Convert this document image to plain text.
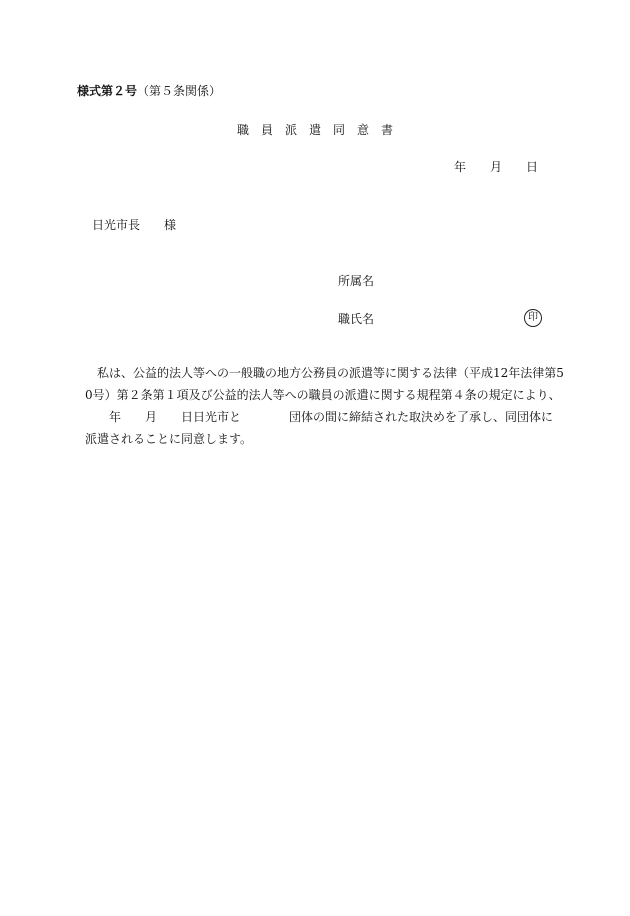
様式第２号（第５条関係）
職　員　派　遣　同　意　書
年　　月　　日
日光市長　　様
所属名
職氏名	印
　私は、公益的法人等への一般職の地方公務員の派遣等に関する法律（平成12年法律第5
0号）第２条第１項及び公益的法人等への職員の派遣に関する規程第４条の規定により、
　　年　　月　　日日光市と　　　　団体の間に締結された取決めを了承し、同団体に
派遣されることに同意します。
